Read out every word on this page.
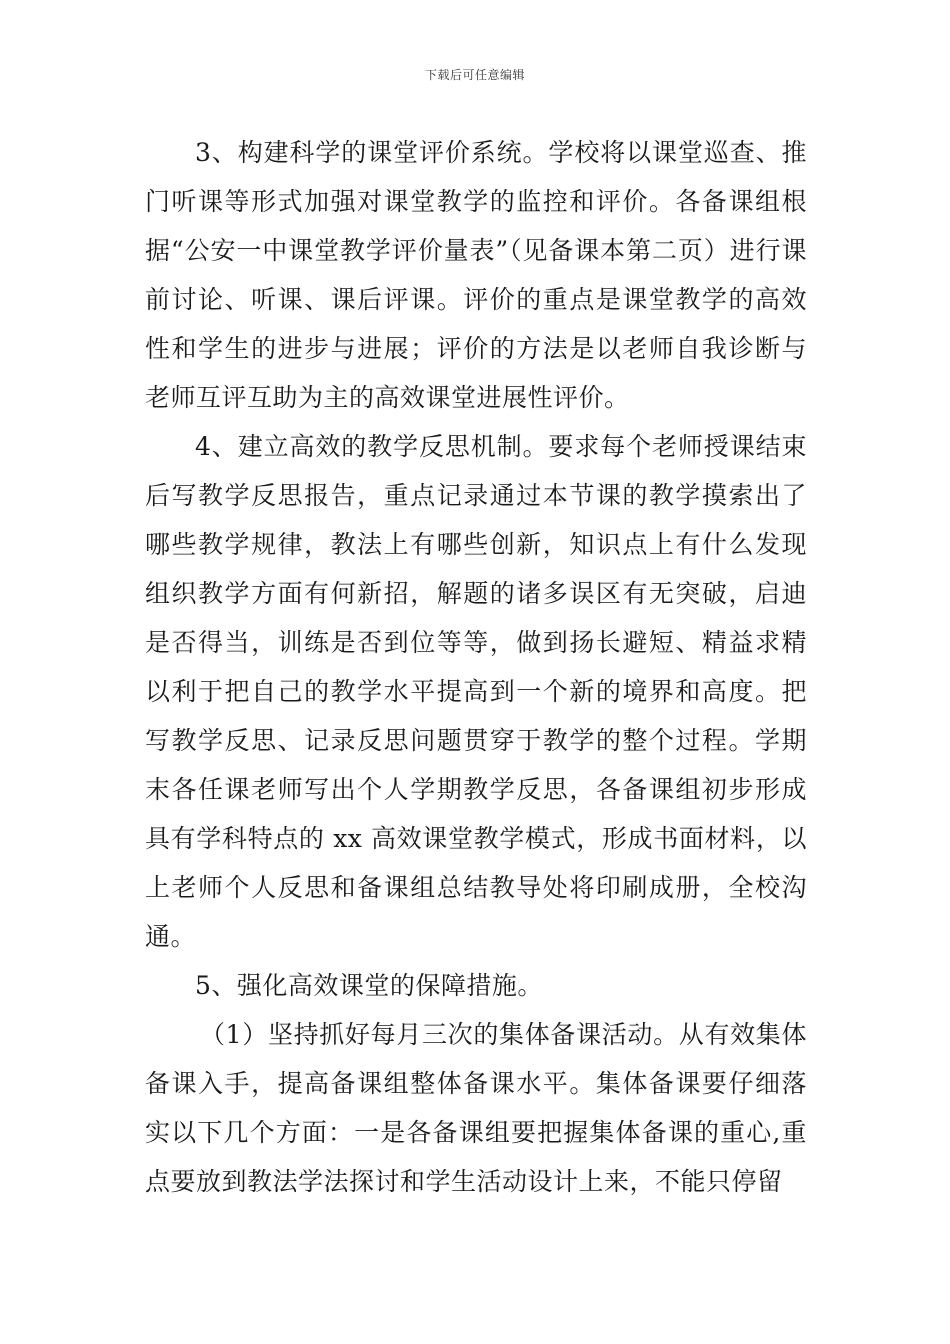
下载后可任意编辑

3、构建科学的课堂评价系统。学校将以课堂巡查、推门听课等形式加强对课堂教学的监控和评价。各备课组根据“公安一中课堂教学评价量表”（见备课本第二页）进行课前讨论、听课、课后评课。评价的重点是课堂教学的高效性和学生的进步与进展；评价的方法是以老师自我诊断与老师互评互助为主的高效课堂进展性评价。

4、建立高效的教学反思机制。要求每个老师授课结束后写教学反思报告，重点记录通过本节课的教学摸索出了哪些教学规律，教法上有哪些创新，知识点上有什么发现组织教学方面有何新招，解题的诸多误区有无突破，启迪是否得当，训练是否到位等等，做到扬长避短、精益求精以利于把自己的教学水平提高到一个新的境界和高度。把写教学反思、记录反思问题贯穿于教学的整个过程。学期末各任课老师写出个人学期教学反思，各备课组初步形成具有学科特点的 xx 高效课堂教学模式，形成书面材料，以上老师个人反思和备课组总结教导处将印刷成册，全校沟通。

5、强化高效课堂的保障措施。

（1）坚持抓好每月三次的集体备课活动。从有效集体备课入手，提高备课组整体备课水平。集体备课要仔细落实以下几个方面：一是各备课组要把握集体备课的重心,重点要放到教法学法探讨和学生活动设计上来，不能只停留
